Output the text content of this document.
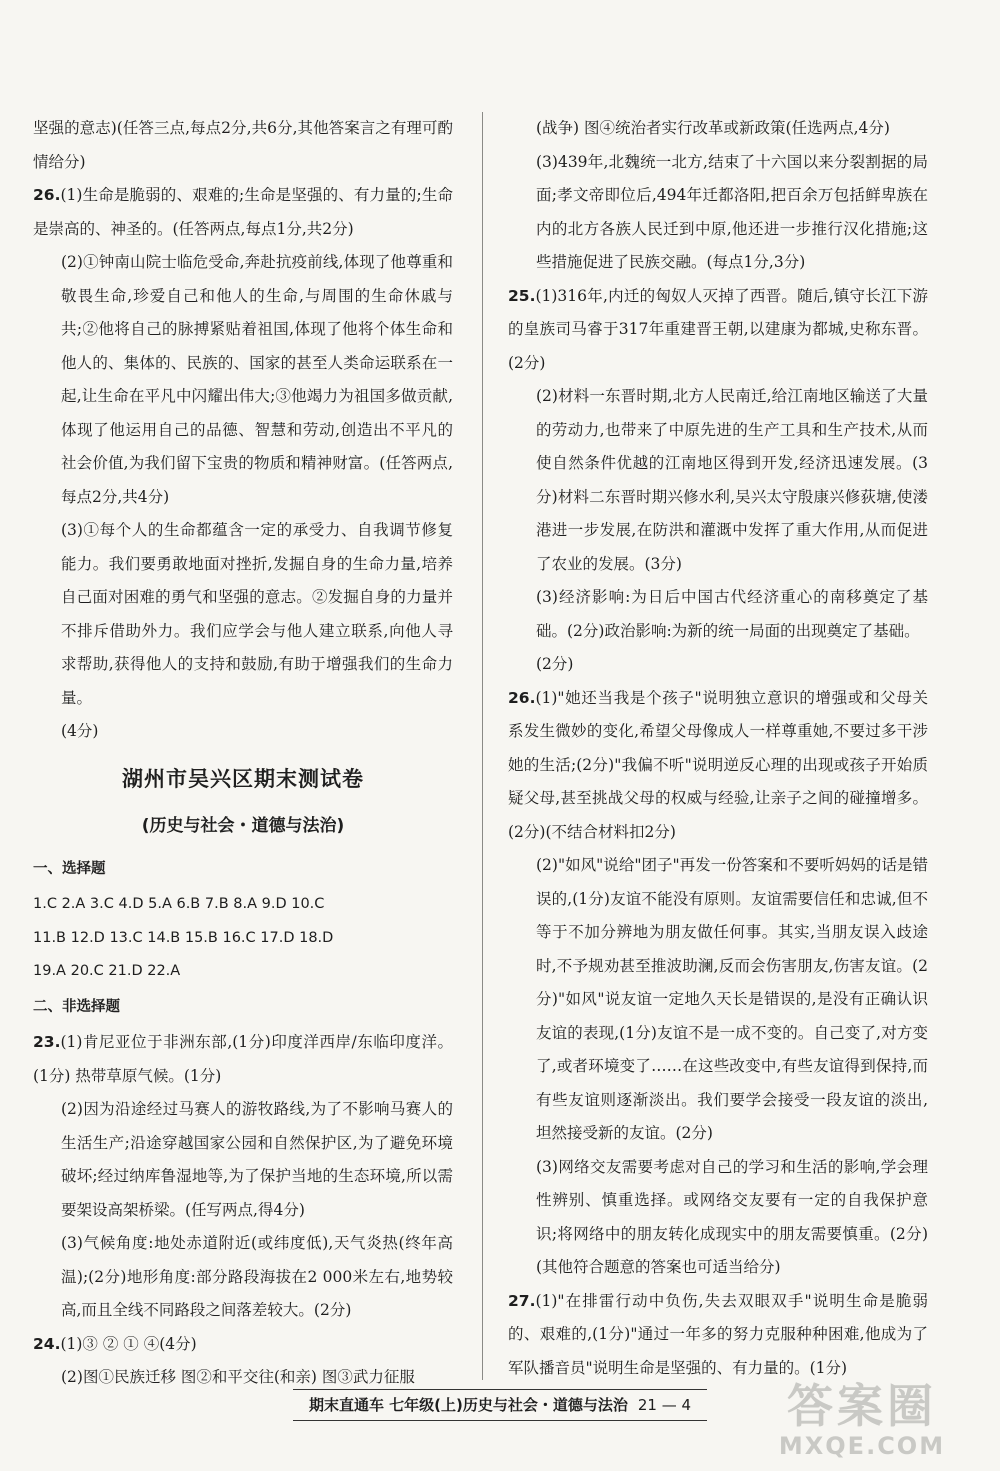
坚强的意志)(任答三点,每点2分,共6分,其他答案言之有理可酌情给分)

26.(1)生命是脆弱的、艰难的;生命是坚强的、有力量的;生命是崇高的、神圣的。(任答两点,每点1分,共2分)

(2)①钟南山院士临危受命,奔赴抗疫前线,体现了他尊重和敬畏生命,珍爱自己和他人的生命,与周围的生命休戚与共;②他将自己的脉搏紧贴着祖国,体现了他将个体生命和他人的、集体的、民族的、国家的甚至人类命运联系在一起,让生命在平凡中闪耀出伟大;③他竭力为祖国多做贡献,体现了他运用自己的品德、智慧和劳动,创造出不平凡的社会价值,为我们留下宝贵的物质和精神财富。(任答两点,每点2分,共4分)

(3)①每个人的生命都蕴含一定的承受力、自我调节修复能力。我们要勇敢地面对挫折,发掘自身的生命力量,培养自己面对困难的勇气和坚强的意志。②发掘自身的力量并不排斥借助外力。我们应学会与他人建立联系,向他人寻求帮助,获得他人的支持和鼓励,有助于增强我们的生命力量。

(4分)

湖州市吴兴区期末测试卷
(历史与社会・道德与法治)
一、选择题
1.C 2.A 3.C 4.D 5.A 6.B 7.B 8.A 9.D 10.C
11.B 12.D 13.C 14.B 15.B 16.C 17.D 18.D
19.A 20.C 21.D 22.A
二、非选择题

23.(1)肯尼亚位于非洲东部,(1分)印度洋西岸/东临印度洋。(1分) 热带草原气候。(1分)

(2)因为沿途经过马赛人的游牧路线,为了不影响马赛人的生活生产;沿途穿越国家公园和自然保护区,为了避免环境破坏;经过纳库鲁湿地等,为了保护当地的生态环境,所以需要架设高架桥梁。(任写两点,得4分)

(3)气候角度:地处赤道附近(或纬度低),天气炎热(终年高温);(2分)地形角度:部分路段海拔在2 000米左右,地势较高,而且全线不同路段之间落差较大。(2分)

24.(1)③ ② ① ④(4分)

(2)图①民族迁移 图②和平交往(和亲) 图③武力征服

(战争) 图④统治者实行改革或新政策(任选两点,4分)

(3)439年,北魏统一北方,结束了十六国以来分裂割据的局面;孝文帝即位后,494年迁都洛阳,把百余万包括鲜卑族在内的北方各族人民迁到中原,他还进一步推行汉化措施;这些措施促进了民族交融。(每点1分,3分)

25.(1)316年,内迁的匈奴人灭掉了西晋。随后,镇守长江下游的皇族司马睿于317年重建晋王朝,以建康为都城,史称东晋。(2分)

(2)材料一东晋时期,北方人民南迁,给江南地区输送了大量的劳动力,也带来了中原先进的生产工具和生产技术,从而使自然条件优越的江南地区得到开发,经济迅速发展。(3分)材料二东晋时期兴修水利,吴兴太守殷康兴修荻塘,使溇港进一步发展,在防洪和灌溉中发挥了重大作用,从而促进了农业的发展。(3分)

(3)经济影响:为日后中国古代经济重心的南移奠定了基础。(2分)政治影响:为新的统一局面的出现奠定了基础。

(2分)

26.(1)"她还当我是个孩子"说明独立意识的增强或和父母关系发生微妙的变化,希望父母像成人一样尊重她,不要过多干涉她的生活;(2分)"我偏不听"说明逆反心理的出现或孩子开始质疑父母,甚至挑战父母的权威与经验,让亲子之间的碰撞增多。(2分)(不结合材料扣2分)

(2)"如风"说给"团子"再发一份答案和不要听妈妈的话是错误的,(1分)友谊不能没有原则。友谊需要信任和忠诚,但不等于不加分辨地为朋友做任何事。其实,当朋友误入歧途时,不予规劝甚至推波助澜,反而会伤害朋友,伤害友谊。(2分)"如风"说友谊一定地久天长是错误的,是没有正确认识友谊的表现,(1分)友谊不是一成不变的。自己变了,对方变了,或者环境变了……在这些改变中,有些友谊得到保持,而有些友谊则逐渐淡出。我们要学会接受一段友谊的淡出,坦然接受新的友谊。(2分)

(3)网络交友需要考虑对自己的学习和生活的影响,学会理性辨别、慎重选择。或网络交友要有一定的自我保护意识;将网络中的朋友转化成现实中的朋友需要慎重。(2分)(其他符合题意的答案也可适当给分)

27.(1)"在排雷行动中负伤,失去双眼双手"说明生命是脆弱的、艰难的,(1分)"通过一年多的努力克服种种困难,他成为了军队播音员"说明生命是坚强的、有力量的。(1分)

期末直通车 七年级(上)历史与社会・道德与法治 21 — 4	答案圈
MXQE.COM
